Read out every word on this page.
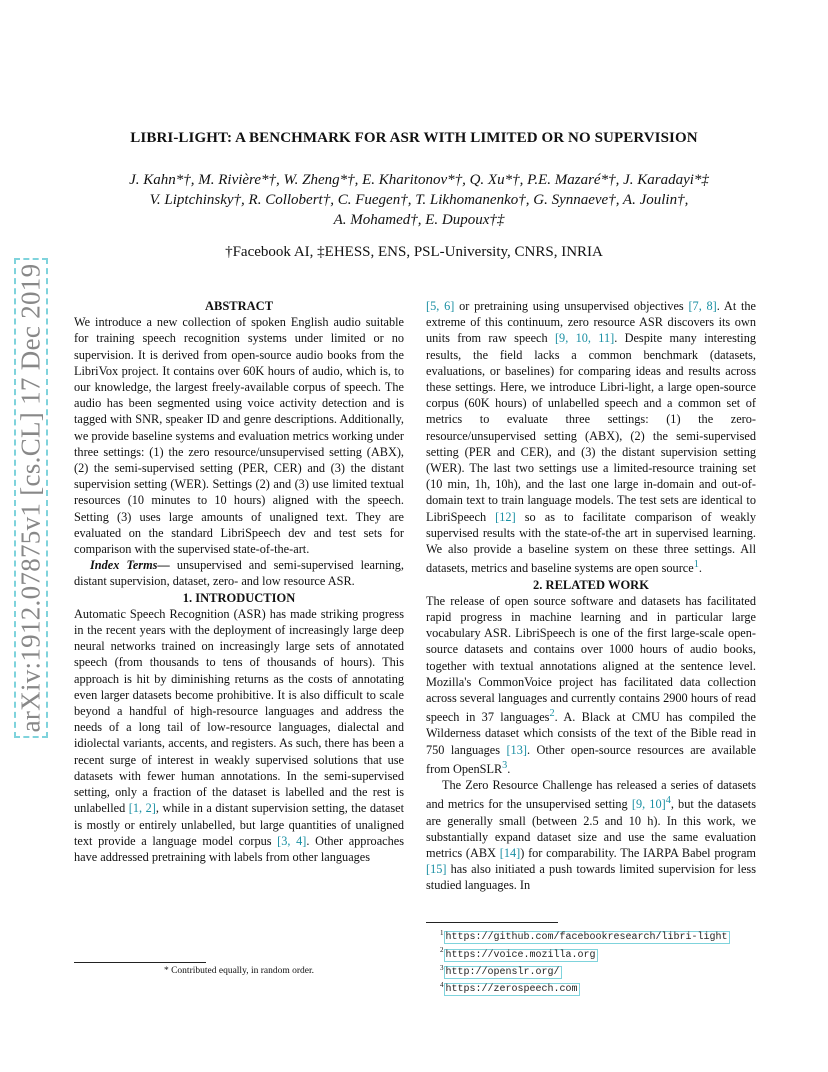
arXiv:1912.07875v1 [cs.CL] 17 Dec 2019
LIBRI-LIGHT: A BENCHMARK FOR ASR WITH LIMITED OR NO SUPERVISION
J. Kahn*†, M. Rivière*†, W. Zheng*†, E. Kharitonov*†, Q. Xu*†, P.E. Mazaré*†, J. Karadayi*‡
V. Liptchinsky†, R. Collobert†, C. Fuegen†, T. Likhomanenko†, G. Synnaeve†, A. Joulin†,
A. Mohamed†, E. Dupoux†‡
†Facebook AI, ‡EHESS, ENS, PSL-University, CNRS, INRIA

ABSTRACT

We introduce a new collection of spoken English audio suitable for training speech recognition systems under limited or no supervision. It is derived from open-source audio books from the LibriVox project. It contains over 60K hours of audio, which is, to our knowledge, the largest freely-available corpus of speech. The audio has been segmented using voice activity detection and is tagged with SNR, speaker ID and genre descriptions. Additionally, we provide baseline systems and evaluation metrics working under three settings: (1) the zero resource/unsupervised setting (ABX), (2) the semi-supervised setting (PER, CER) and (3) the distant supervision setting (WER). Settings (2) and (3) use limited textual resources (10 minutes to 10 hours) aligned with the speech. Setting (3) uses large amounts of unaligned text. They are evaluated on the standard LibriSpeech dev and test sets for comparison with the supervised state-of-the-art.

Index Terms— unsupervised and semi-supervised learning, distant supervision, dataset, zero- and low resource ASR.

1. INTRODUCTION

Automatic Speech Recognition (ASR) has made striking progress in the recent years with the deployment of increasingly large deep neural networks trained on increasingly large sets of annotated speech (from thousands to tens of thousands of hours). This approach is hit by diminishing returns as the costs of annotating even larger datasets become prohibitive. It is also difficult to scale beyond a handful of high-resource languages and address the needs of a long tail of low-resource languages, dialectal and idiolectal variants, accents, and registers. As such, there has been a recent surge of interest in weakly supervised solutions that use datasets with fewer human annotations. In the semi-supervised setting, only a fraction of the dataset is labelled and the rest is unlabelled [1, 2], while in a distant supervision setting, the dataset is mostly or entirely unlabelled, but large quantities of unaligned text provide a language model corpus [3, 4]. Other approaches have addressed pretraining with labels from other languages

* Contributed equally, in random order.

[5, 6] or pretraining using unsupervised objectives [7, 8]. At the extreme of this continuum, zero resource ASR discovers its own units from raw speech [9, 10, 11]. Despite many interesting results, the field lacks a common benchmark (datasets, evaluations, or baselines) for comparing ideas and results across these settings. Here, we introduce Libri-light, a large open-source corpus (60K hours) of unlabelled speech and a common set of metrics to evaluate three settings: (1) the zero-resource/unsupervised setting (ABX), (2) the semi-supervised setting (PER and CER), and (3) the distant supervision setting (WER). The last two settings use a limited-resource training set (10 min, 1h, 10h), and the last one large in-domain and out-of-domain text to train language models. The test sets are identical to LibriSpeech [12] so as to facilitate comparison of weakly supervised results with the state-of-the art in supervised learning. We also provide a baseline system on these three settings. All datasets, metrics and baseline systems are open source$^1$.

2. RELATED WORK

The release of open source software and datasets has facilitated rapid progress in machine learning and in particular large vocabulary ASR. LibriSpeech is one of the first large-scale open-source datasets and contains over 1000 hours of audio books, together with textual annotations aligned at the sentence level. Mozilla's CommonVoice project has facilitated data collection across several languages and currently contains 2900 hours of read speech in 37 languages$^2$. A. Black at CMU has compiled the Wilderness dataset which consists of the text of the Bible read in 750 languages [13]. Other open-source resources are available from OpenSLR$^3$.

The Zero Resource Challenge has released a series of datasets and metrics for the unsupervised setting [9, 10]$^4$, but the datasets are generally small (between 2.5 and 10 h). In this work, we substantially expand dataset size and use the same evaluation metrics (ABX [14]) for comparability. The IARPA Babel program [15] has also initiated a push towards limited supervision for less studied languages. In

$^1$ https://github.com/facebookresearch/libri-light
$^2$ https://voice.mozilla.org
$^3$ http://openslr.org/
$^4$ https://zerospeech.com
